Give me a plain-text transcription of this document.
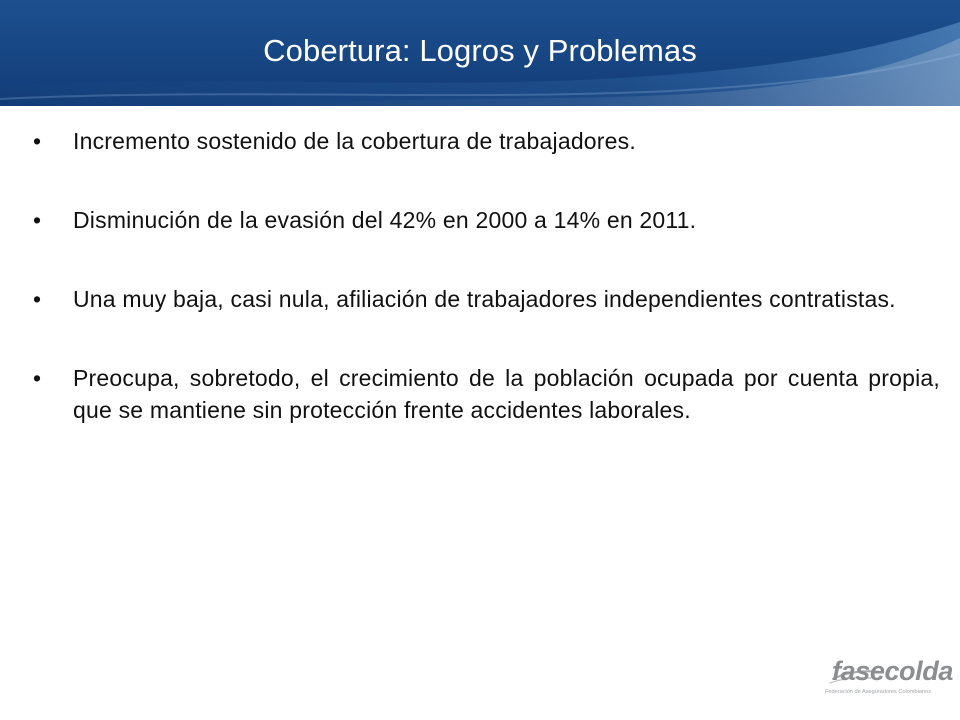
Cobertura: Logros y Problemas
•	Incremento sostenido de la cobertura de trabajadores.
•	Disminución de la evasión del 42% en 2000 a 14% en 2011.
•	Una muy baja, casi nula, afiliación de trabajadores independientes contratistas.
•	Preocupa, sobretodo, el crecimiento de la población ocupada por cuenta propia, que se mantiene sin protección frente accidentes laborales.
fasecolda
Federación de Aseguradores Colombianos
